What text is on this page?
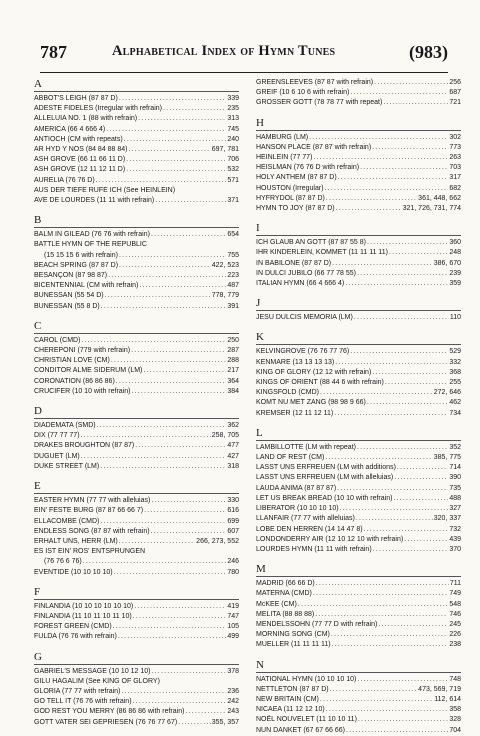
787	Alphabetical Index of Hymn Tunes	(983)
A
ABBOT'S LEIGH (87 87 D) .....	339
ADESTE FIDELES (Irregular with refrain) .....	235
ALLELUIA NO. 1 (88 with refrain) .....	313
AMERICA (66 4 666 4) .....	745
ANTIOCH (CM with repeats) .....	240
AR HYD Y NOS (84 84 88 84) .....	697, 781
ASH GROVE (66 11 66 11 D) .....	706
ASH GROVE (12 11 12 11 D) .....	532
AURELIA (76 76 D) .....	571
AUS DER TIEFE RUFE ICH (See HEINLEIN)
AVE DE LOURDES (11 11 with refrain) .....	371
B
BALM IN GILEAD (76 76 with refrain) .....	654
BATTLE HYMN OF THE REPUBLIC
(15 15 15 6 with refrain) .....	755
BEACH SPRING (87 87 D) .....	422, 523
BESANÇON (87 98 87) .....	223
BICENTENNIAL (CM with refrain) .....	487
BUNESSAN (55 54 D) .....	778, 779
BUNESSAN (55 8 D) .....	391
C
CAROL (CMD) .....	250
CHEREPONI (779 with refrain) .....	287
CHRISTIAN LOVE (CM) .....	288
CONDITOR ALME SIDERUM (LM) .....	217
CORONATION (86 86 86) .....	364
CRUCIFER (10 10 with refrain) .....	384
D
DIADEMATA (SMD) .....	362
DIX (77 77 77) .....	258, 705
DRAKES BROUGHTON (87 87) .....	477
DUGUET (LM) .....	427
DUKE STREET (LM) .....	318
E
EASTER HYMN (77 77 with alleluias) .....	330
EIN' FESTE BURG (87 87 66 66 7) .....	616
ELLACOMBE (CMD) .....	699
ENDLESS SONG (87 87 with refrain) .....	607
ERHALT UNS, HERR (LM) .....	266, 273, 552
ES IST EIN' ROS' ENTSPRUNGEN
(76 76 6 76) .....	246
EVENTIDE (10 10 10 10) .....	780
F
FINLANDIA (10 10 10 10 10 10) .....	419
FINLANDIA (11 10 11 10 11 10) .....	747
FOREST GREEN (CMD) .....	105
FULDA (76 76 with refrain) .....	499
G
GABRIEL'S MESSAGE (10 10 12 10) .....	378
GILU HAGALIM (See KING OF GLORY)
GLORIA (77 77 with refrain) .....	236
GO TELL IT (76 76 with refrain) .....	242
GOD REST YOU MERRY (86 86 86 with refrain) .....	243
GOTT VATER SEI GEPRIESEN (76 76 77 67) .....	355, 357
GREENSLEEVES (87 87 with refrain) .....	256
GREIF (10 6 10 6 with refrain) .....	687
GROSSER GOTT (78 78 77 with repeat) .....	721
H
HAMBURG (LM) .....	302
HANSON PLACE (87 87 with refrain) .....	773
HEINLEIN (77 77) .....	263
HEISLMAN (76 76 D with refrain) .....	703
HOLY ANTHEM (87 87 D) .....	317
HOUSTON (Irregular) .....	682
HYFRYDOL (87 87 D) .....	361, 448, 662
HYMN TO JOY (87 87 D) .....	321, 726, 731, 774
I
ICH GLAUB AN GOTT (87 87 55 8) .....	360
IHR KINDERLEIN, KOMMET (11 11 11 11) .....	248
IN BABILONE (87 87 D) .....	386, 670
IN DULCI JUBILO (66 77 78 55) .....	239
ITALIAN HYMN (66 4 666 4) .....	359
J
JESU DULCIS MEMORIA (LM) .....	110
K
KELVINGROVE (76 76 77 76) .....	529
KENMARE (13 13 13 13) .....	332
KING OF GLORY (12 12 with refrain) .....	368
KINGS OF ORIENT (88 44 6 with refrain) .....	255
KINGSFOLD (CMD) .....	272, 646
KOMT NU MET ZANG (98 98 9 66) .....	462
KREMSER (12 11 12 11) .....	734
L
LAMBILLOTTE (LM with repeat) .....	352
LAND OF REST (CM) .....	385, 775
LASST UNS ERFREUEN (LM with additions) .....	714
LASST UNS ERFREUEN (LM with alleluias) .....	390
LAUDA ANIMA (87 87 87) .....	735
LET US BREAK BREAD (10 10 with refrain) .....	488
LIBERATOR (10 10 10 10) .....	327
LLANFAIR (77 77 with alleluias) .....	320, 337
LOBE DEN HERREN (14 14 47 8) .....	732
LONDONDERRY AIR (12 10 12 10 with refrain) .....	439
LOURDES HYMN (11 11 with refrain) .....	370
M
MADRID (66 66 D) .....	711
MATERNA (CMD) .....	749
McKEE (CM) .....	548
MELITA (88 88 88) .....	746
MENDELSSOHN (77 77 D with refrain) .....	245
MORNING SONG (CM) .....	226
MUELLER (11 11 11 11) .....	238
N
NATIONAL HYMN (10 10 10 10) .....	748
NETTLETON (87 87 D) .....	473, 569, 719
NEW BRITAIN (CM) .....	112, 614
NICAEA (11 12 12 10) .....	358
NOËL NOUVELET (11 10 10 11) .....	328
NUN DANKET (67 67 66 66) .....	704
